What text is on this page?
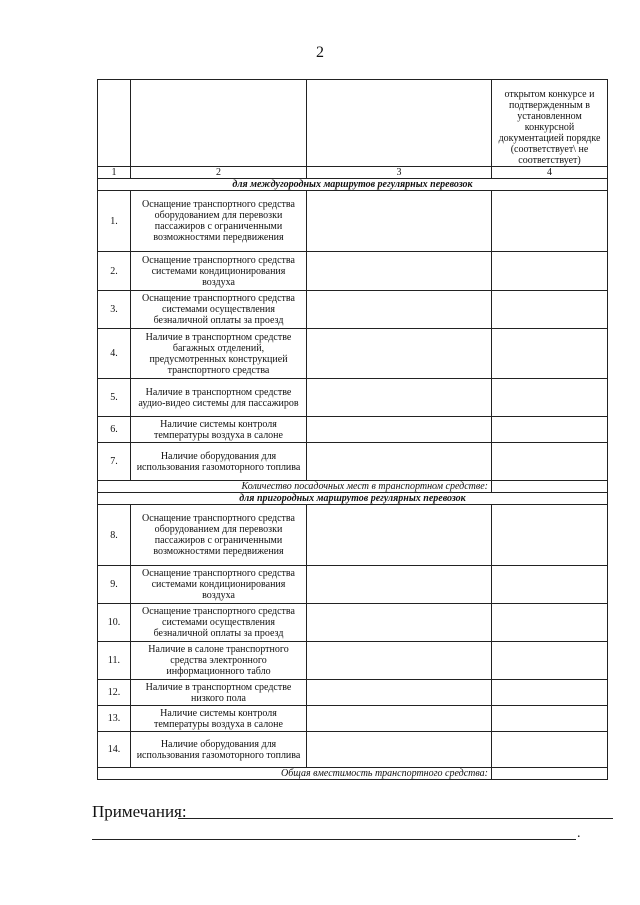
2
			открытом конкурсе и подтвержденным в установленном конкурсной документацией порядке (соответствует\ не соответствует)
1	2	3	4
для междугородных маршрутов регулярных перевозок			
1.	Оснащение транспортного средства оборудованием для перевозки пассажиров с ограниченными возможностями передвижения		
2.	Оснащение транспортного средства системами кондиционирования воздуха		
3.	Оснащение транспортного средства системами осуществления безналичной оплаты за проезд		
4.	Наличие в транспортном средстве багажных отделений, предусмотренных конструкцией транспортного средства		
5.	Наличие в транспортном средстве аудио-видео системы для пассажиров		
6.	Наличие системы контроля температуры воздуха в салоне		
7.	Наличие оборудования для использования газомоторного топлива		
Количество посадочных мест в транспортном средстве:			
для пригородных маршрутов регулярных перевозок			
8.	Оснащение транспортного средства оборудованием для перевозки пассажиров с ограниченными возможностями передвижения		
9.	Оснащение транспортного средства системами кондиционирования воздуха		
10.	Оснащение транспортного средства системами осуществления безналичной оплаты за проезд		
11.	Наличие в салоне транспортного средства электронного информационного табло		
12.	Наличие в транспортном средстве низкого пола		
13.	Наличие системы контроля температуры воздуха в салоне		
14.	Наличие оборудования для использования газомоторного топлива		
Общая вместимость транспортного средства:			
Примечания:
.
